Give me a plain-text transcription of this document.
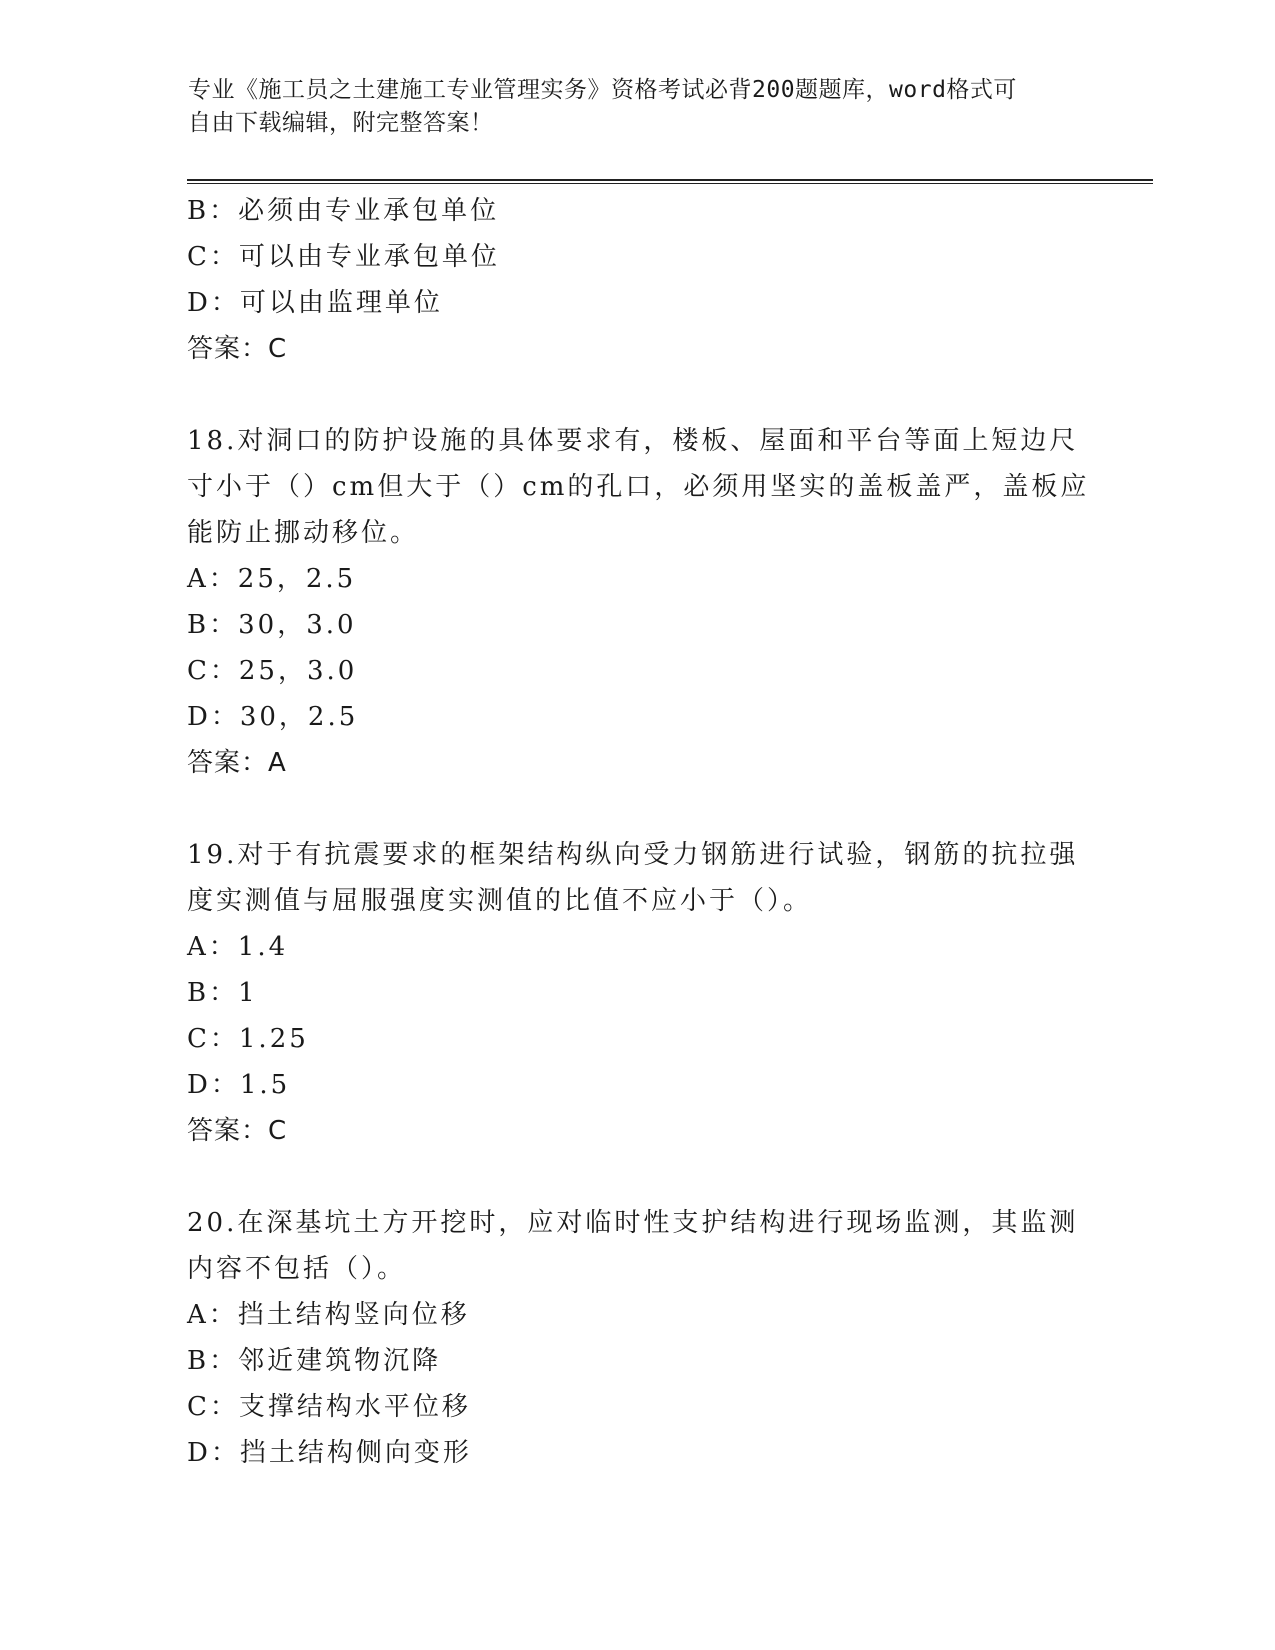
专业《施工员之土建施工专业管理实务》资格考试必背200题题库，word格式可
自由下载编辑，附完整答案！
B：必须由专业承包单位
C：可以由专业承包单位
D：可以由监理单位
答案：C
18.对洞口的防护设施的具体要求有，楼板、屋面和平台等面上短边尺
寸小于（）cm但大于（）cm的孔口，必须用坚实的盖板盖严，盖板应
能防止挪动移位。
A：25，2.5
B：30，3.0
C：25，3.0
D：30，2.5
答案：A
19.对于有抗震要求的框架结构纵向受力钢筋进行试验，钢筋的抗拉强
度实测值与屈服强度实测值的比值不应小于（）。
A：1.4
B：1
C：1.25
D：1.5
答案：C
20.在深基坑土方开挖时，应对临时性支护结构进行现场监测，其监测
内容不包括（）。
A：挡土结构竖向位移
B：邻近建筑物沉降
C：支撑结构水平位移
D：挡土结构侧向变形
